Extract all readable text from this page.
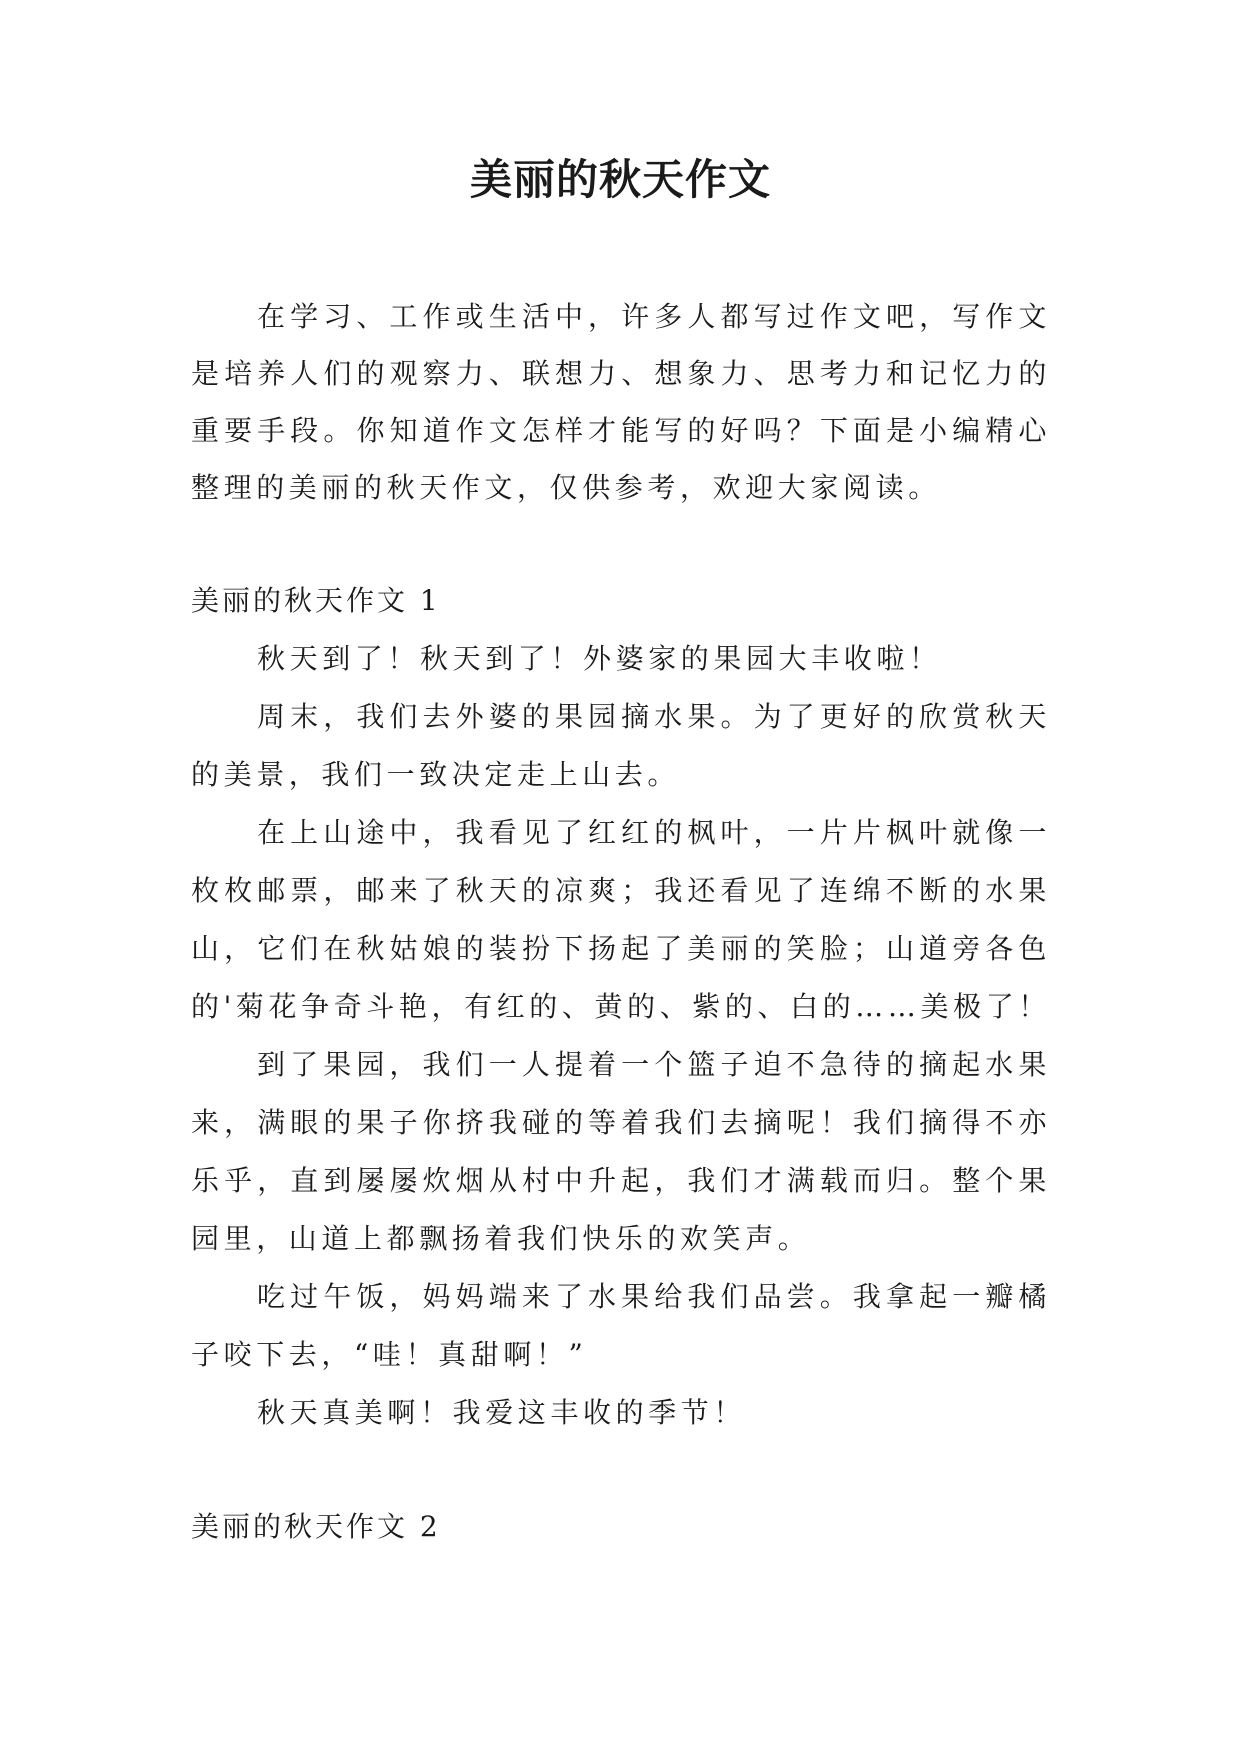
美丽的秋天作文

在学习、工作或生活中，许多人都写过作文吧，写作文是培养人们的观察力、联想力、想象力、思考力和记忆力的重要手段。你知道作文怎样才能写的好吗？下面是小编精心整理的美丽的秋天作文，仅供参考，欢迎大家阅读。

美丽的秋天作文 1

秋天到了！秋天到了！外婆家的果园大丰收啦！

周末，我们去外婆的果园摘水果。为了更好的欣赏秋天的美景，我们一致决定走上山去。

在上山途中，我看见了红红的枫叶，一片片枫叶就像一枚枚邮票，邮来了秋天的凉爽；我还看见了连绵不断的水果山，它们在秋姑娘的装扮下扬起了美丽的笑脸；山道旁各色的'菊花争奇斗艳，有红的、黄的、紫的、白的……美极了！

到了果园，我们一人提着一个篮子迫不急待的摘起水果来，满眼的果子你挤我碰的等着我们去摘呢！我们摘得不亦乐乎，直到屡屡炊烟从村中升起，我们才满载而归。整个果园里，山道上都飘扬着我们快乐的欢笑声。

吃过午饭，妈妈端来了水果给我们品尝。我拿起一瓣橘子咬下去，“哇！真甜啊！”

秋天真美啊！我爱这丰收的季节！

美丽的秋天作文 2
